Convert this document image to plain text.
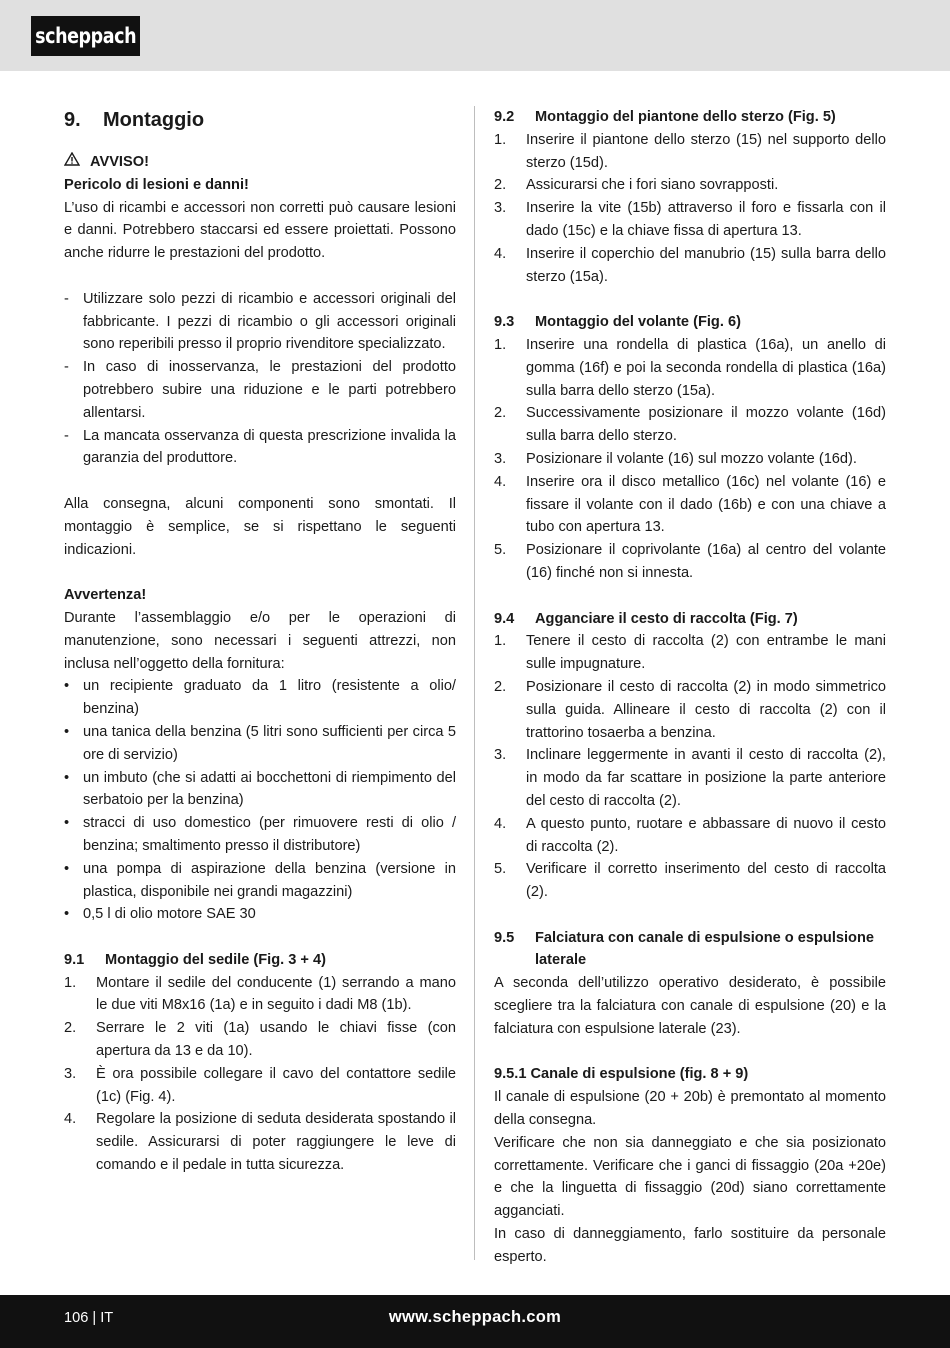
scheppach
9.	Montaggio
AVVISO!

Pericolo di lesioni e danni!

L’uso di ricambi e accessori non corretti può causare lesioni e danni. Potrebbero staccarsi ed essere proiettati. Possono anche ridurre le prestazioni del prodotto.

- Utilizzare solo pezzi di ricambio e accessori originali del fabbricante. I pezzi di ricambio o gli accessori originali sono reperibili presso il proprio rivenditore specializzato.
- In caso di inosservanza, le prestazioni del prodotto potrebbero subire una riduzione e le parti potrebbero allentarsi.
- La mancata osservanza di questa prescrizione invalida la garanzia del produttore.

Alla consegna, alcuni componenti sono smontati. Il montaggio è semplice, se si rispettano le seguenti indicazioni.

Avvertenza!

Durante l’assemblaggio e/o per le operazioni di manutenzione, sono necessari i seguenti attrezzi, non inclusa nell’oggetto della fornitura:

• un recipiente graduato da 1 litro (resistente a olio/ benzina)
• una tanica della benzina (5 litri sono sufficienti per circa 5 ore di servizio)
• un imbuto (che si adatti ai bocchettoni di riempimento del serbatoio per la benzina)
• stracci di uso domestico (per rimuovere resti di olio / benzina; smaltimento presso il distributore)
• una pompa di aspirazione della benzina (versione in plastica, disponibile nei grandi magazzini)
• 0,5 l di olio motore SAE 30
9.1	Montaggio del sedile (Fig. 3 + 4)
1.	Montare il sedile del conducente (1) serrando a mano le due viti M8x16 (1a) e in seguito i dadi M8 (1b).
2.	Serrare le 2 viti (1a) usando le chiavi fisse (con apertura da 13 e da 10).
3.	È ora possibile collegare il cavo del contattore sedile (1c) (Fig. 4).
4.	Regolare la posizione di seduta desiderata spostando il sedile. Assicurarsi di poter raggiungere le leve di comando e il pedale in tutta sicurezza.
9.2	Montaggio del piantone dello sterzo (Fig. 5)
1.	Inserire il piantone dello sterzo (15) nel supporto dello sterzo (15d).
2.	Assicurarsi che i fori siano sovrapposti.
3.	Inserire la vite (15b) attraverso il foro e fissarla con il dado (15c) e la chiave fissa di apertura 13.
4.	Inserire il coperchio del manubrio (15) sulla barra dello sterzo (15a).
9.3	Montaggio del volante (Fig. 6)
1.	Inserire una rondella di plastica (16a), un anello di gomma (16f) e poi la seconda rondella di plastica (16a) sulla barra dello sterzo (15a).
2.	Successivamente posizionare il mozzo volante (16d) sulla barra dello sterzo.
3.	Posizionare il volante (16) sul mozzo volante (16d).
4.	Inserire ora il disco metallico (16c) nel volante (16) e fissare il volante con il dado (16b) e con una chiave a tubo con apertura 13.
5.	Posizionare il coprivolante (16a) al centro del volante (16) finché non si innesta.
9.4	Agganciare il cesto di raccolta (Fig. 7)
1.	Tenere il cesto di raccolta (2) con entrambe le mani sulle impugnature.
2.	Posizionare il cesto di raccolta (2) in modo simmetrico sulla guida. Allineare il cesto di raccolta (2) con il trattorino tosaerba a benzina.
3.	Inclinare leggermente in avanti il cesto di raccolta (2), in modo da far scattare in posizione la parte anteriore del cesto di raccolta (2).
4.	A questo punto, ruotare e abbassare di nuovo il cesto di raccolta (2).
5.	Verificare il corretto inserimento del cesto di raccolta (2).
9.5	Falciatura con canale di espulsione o espulsione laterale

A seconda dell’utilizzo operativo desiderato, è possibile scegliere tra la falciatura con canale di espulsione (20) e la falciatura con espulsione laterale (23).

9.5.1 Canale di espulsione (fig. 8 + 9)

Il canale di espulsione (20 + 20b) è premontato al momento della consegna.

Verificare che non sia danneggiato e che sia posizionato correttamente. Verificare che i ganci di fissaggio (20a +20e) e che la linguetta di fissaggio (20d) siano correttamente agganciati.

In caso di danneggiamento, farlo sostituire da personale esperto.

106 | IT	www.scheppach.com
